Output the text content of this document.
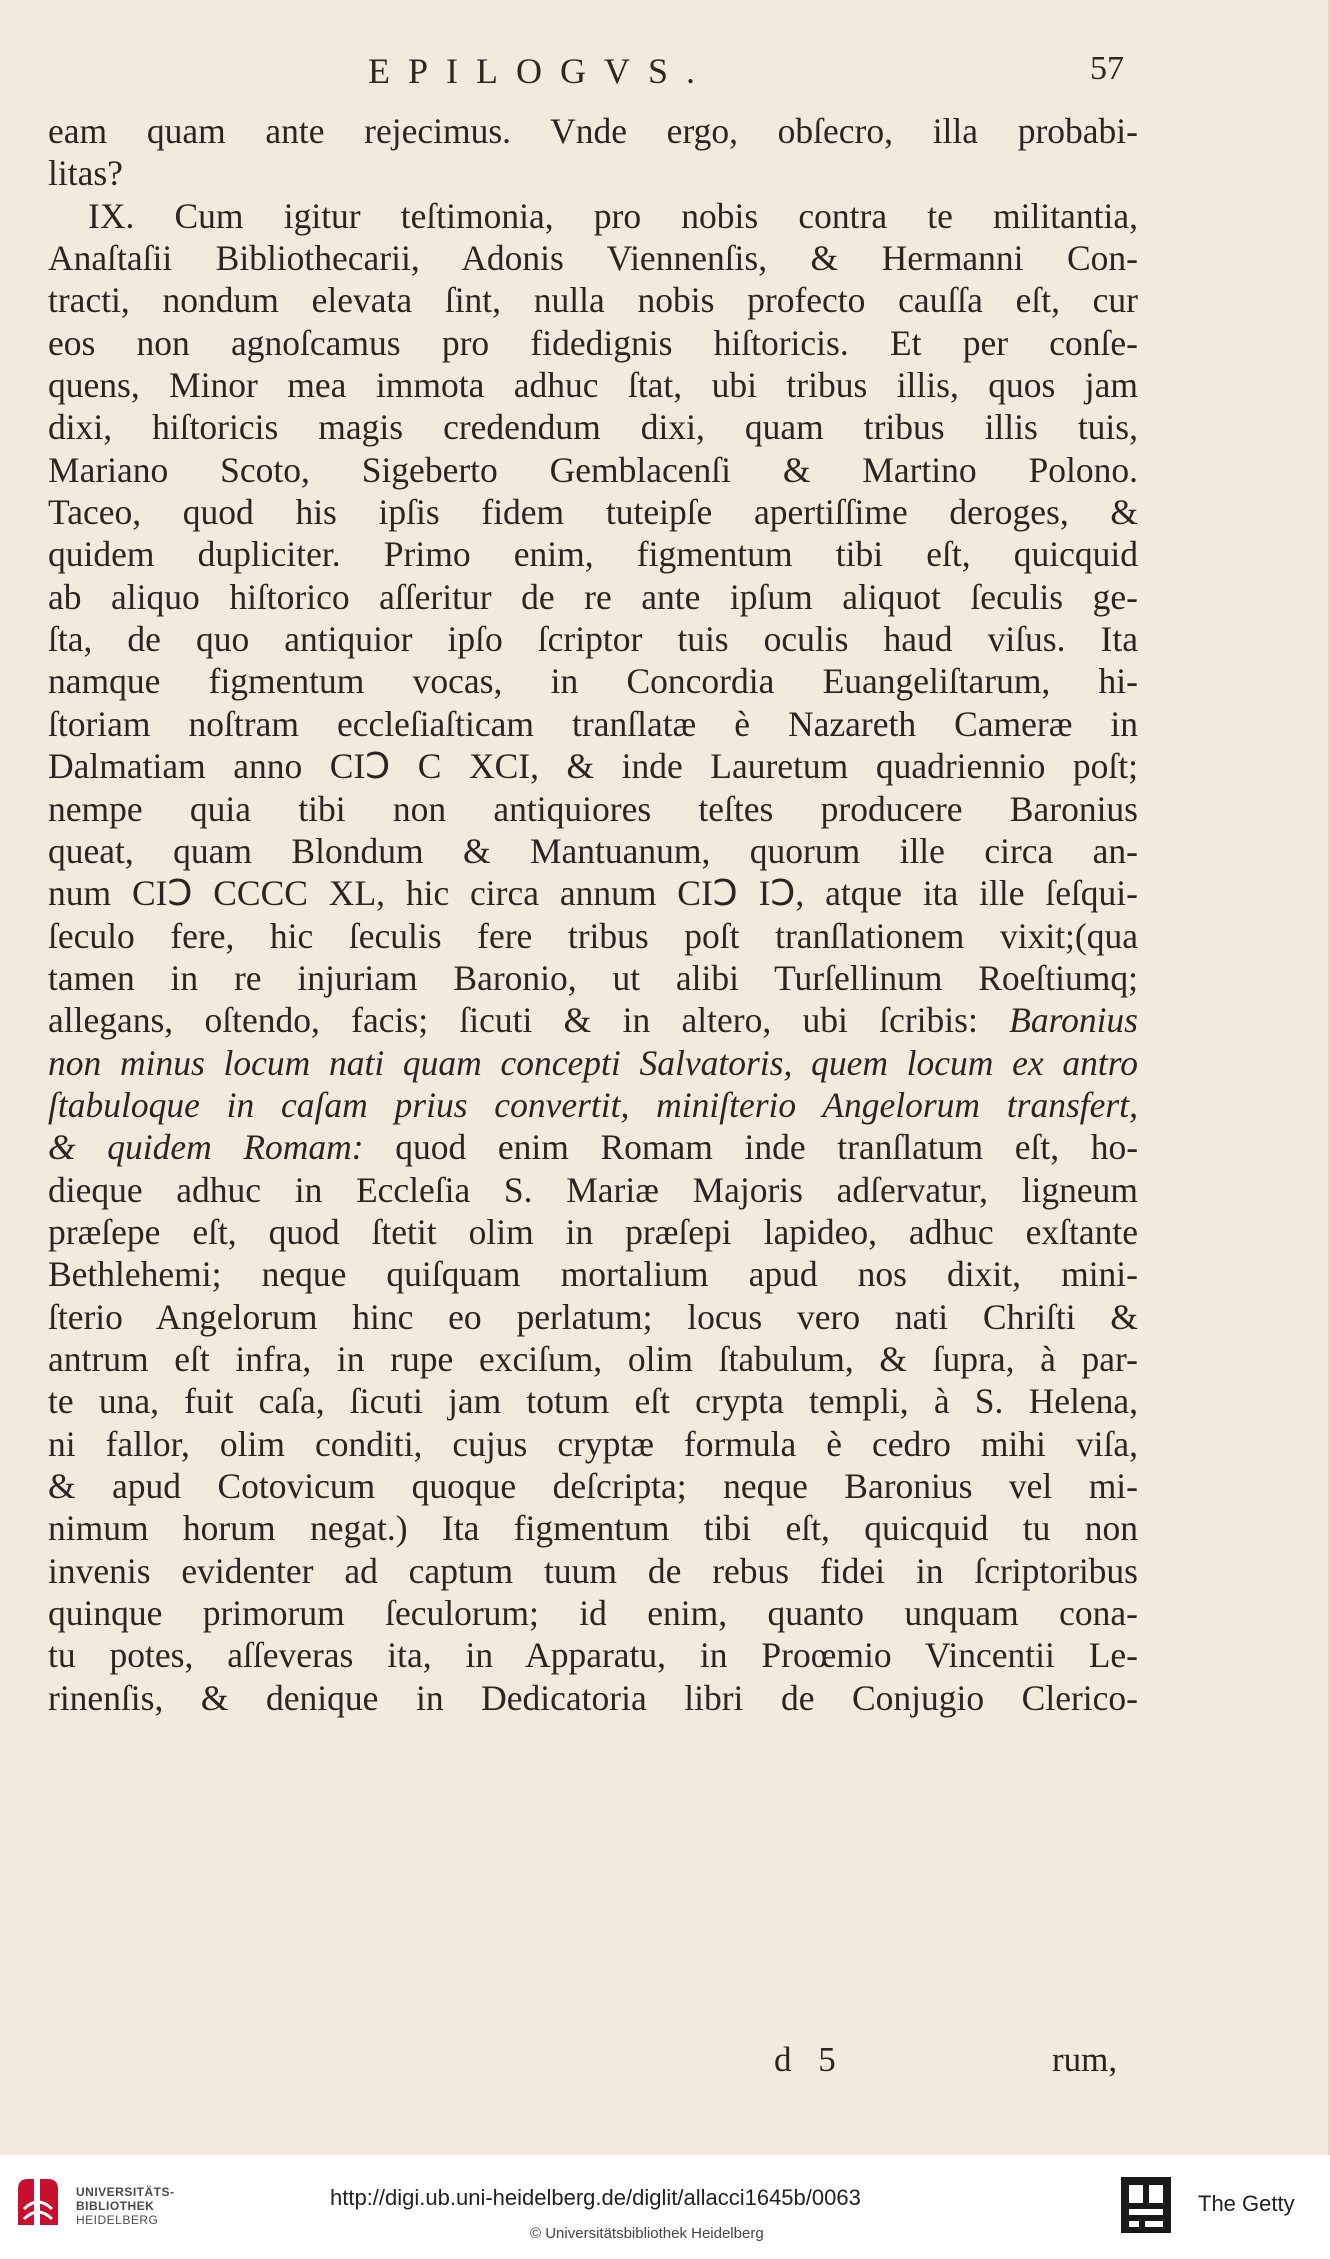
EPILOGVS.	57
eam quam ante rejecimus. Vnde ergo, obſecro, illa probabi-
litas?
IX. Cum igitur teſtimonia, pro nobis contra te militantia,
Anaſtaſii Bibliothecarii, Adonis Viennenſis, & Hermanni Con-
tracti, nondum elevata ſint, nulla nobis profecto cauſſa eſt, cur
eos non agnoſcamus pro fidedignis hiſtoricis. Et per conſe-
quens, Minor mea immota adhuc ſtat, ubi tribus illis, quos jam
dixi, hiſtoricis magis credendum dixi, quam tribus illis tuis,
Mariano Scoto, Sigeberto Gemblacenſi & Martino Polono.
Taceo, quod his ipſis fidem tuteipſe apertiſſime deroges, &
quidem dupliciter. Primo enim, figmentum tibi eſt, quicquid
ab aliquo hiſtorico aſſeritur de re ante ipſum aliquot ſeculis ge-
ſta, de quo antiquior ipſo ſcriptor tuis oculis haud viſus. Ita
namque figmentum vocas, in Concordia Euangeliſtarum, hi-
ſtoriam noſtram eccleſiaſticam tranſlatæ è Nazareth Cameræ in
Dalmatiam anno CIↃ C XCI, & inde Lauretum quadriennio poſt;
nempe quia tibi non antiquiores teſtes producere Baronius
queat, quam Blondum & Mantuanum, quorum ille circa an-
num CIↃ CCCC XL, hic circa annum CIↃ IↃ, atque ita ille ſeſqui-
ſeculo fere, hic ſeculis fere tribus poſt tranſlationem vixit;(qua
tamen in re injuriam Baronio, ut alibi Turſellinum Roeſtiumq;
allegans, oſtendo, facis; ſicuti & in altero, ubi ſcribis: Baronius
non minus locum nati quam concepti Salvatoris, quem locum ex antro
ſtabuloque in caſam prius convertit, miniſterio Angelorum transfert,
& quidem Romam: quod enim Romam inde tranſlatum eſt, ho-
dieque adhuc in Eccleſia S. Mariæ Majoris adſervatur, ligneum
præſepe eſt, quod ſtetit olim in præſepi lapideo, adhuc exſtante
Bethlehemi; neque quiſquam mortalium apud nos dixit, mini-
ſterio Angelorum hinc eo perlatum; locus vero nati Chriſti &
antrum eſt infra, in rupe exciſum, olim ſtabulum, & ſupra, à par-
te una, fuit caſa, ſicuti jam totum eſt crypta templi, à S. Helena,
ni fallor, olim conditi, cujus cryptæ formula è cedro mihi viſa,
& apud Cotovicum quoque deſcripta; neque Baronius vel mi-
nimum horum negat.) Ita figmentum tibi eſt, quicquid tu non
invenis evidenter ad captum tuum de rebus fidei in ſcriptoribus
quinque primorum ſeculorum; id enim, quanto unquam cona-
tu potes, aſſeveras ita, in Apparatu, in Proœmio Vincentii Le-
rinenſis, & denique in Dedicatoria libri de Conjugio Clerico-
d 5	rum,
UNIVERSITÄTS-
BIBLIOTHEK
HEIDELBERG
http://digi.ub.uni-heidelberg.de/diglit/allacci1645b/0063
© Universitätsbibliothek Heidelberg
The Getty
